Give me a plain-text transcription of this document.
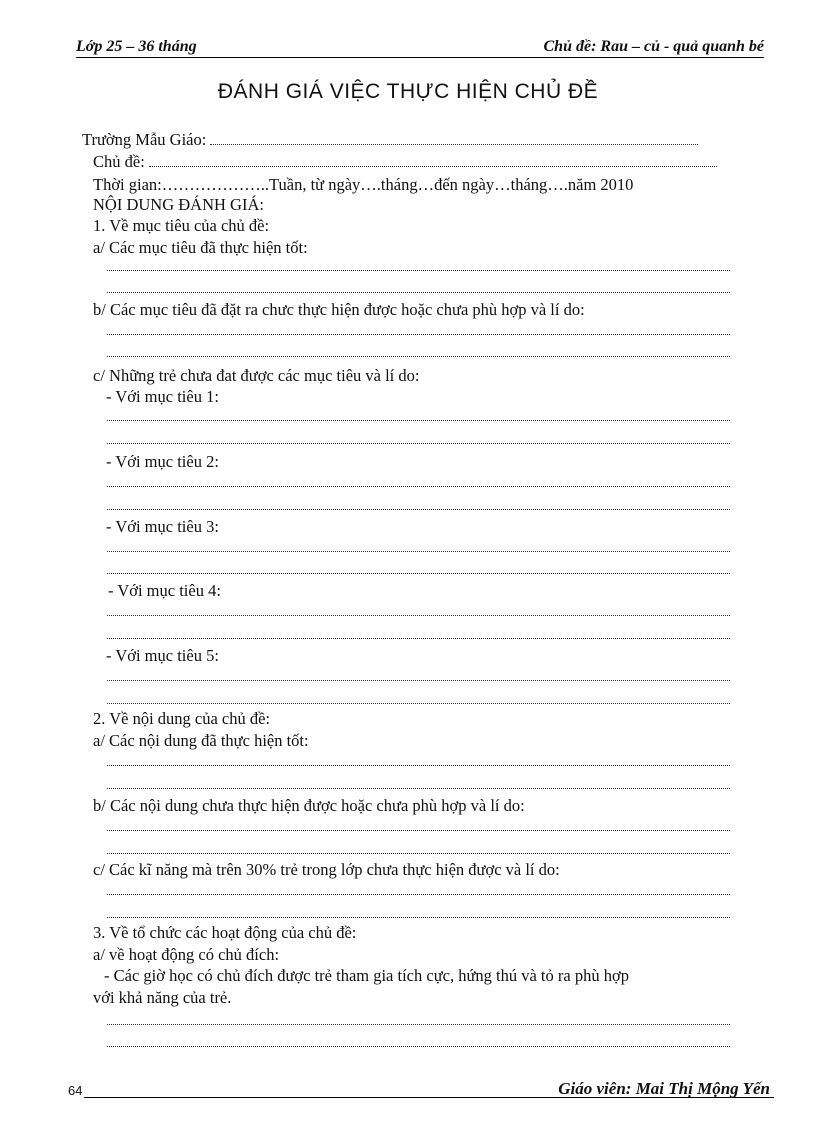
Lớp 25 – 36 tháng	Chủ đề: Rau – củ - quả quanh bé
ĐÁNH GIÁ VIỆC THỰC HIỆN CHỦ ĐỀ
Trường Mẫu Giáo:
Chủ đề:
Thời gian:………………..Tuần, từ ngày….tháng…đến ngày…tháng….năm 2010
NỘI DUNG ĐÁNH GIÁ:
1. Về mục tiêu của chủ đề:
a/ Các mục tiêu đã thực hiện tốt:
b/ Các mục tiêu đã đặt ra chưc thực hiện được hoặc chưa phù hợp và lí do:
c/ Những trẻ chưa đat được các mục tiêu và lí do:
- Với mục tiêu 1:
- Với mục tiêu 2:
- Với mục tiêu 3:
- Với mục tiêu 4:
- Với mục tiêu 5:
2. Về nội dung của chủ đề:
a/ Các nội dung đã thực hiện tốt:
b/ Các nội dung chưa thực hiện được hoặc chưa phù hợp và lí do:
c/ Các kĩ năng mà trên 30% trẻ trong lớp chưa thực hiện được và lí do:
3. Về tổ chức các hoạt động của chủ đề:
a/ về hoạt động có chủ đích:
- Các giờ học có chủ đích được trẻ tham gia tích cực, hứng thú và tỏ ra phù hợp
với khả năng của trẻ.
64	Giáo viên: Mai Thị Mộng Yến
